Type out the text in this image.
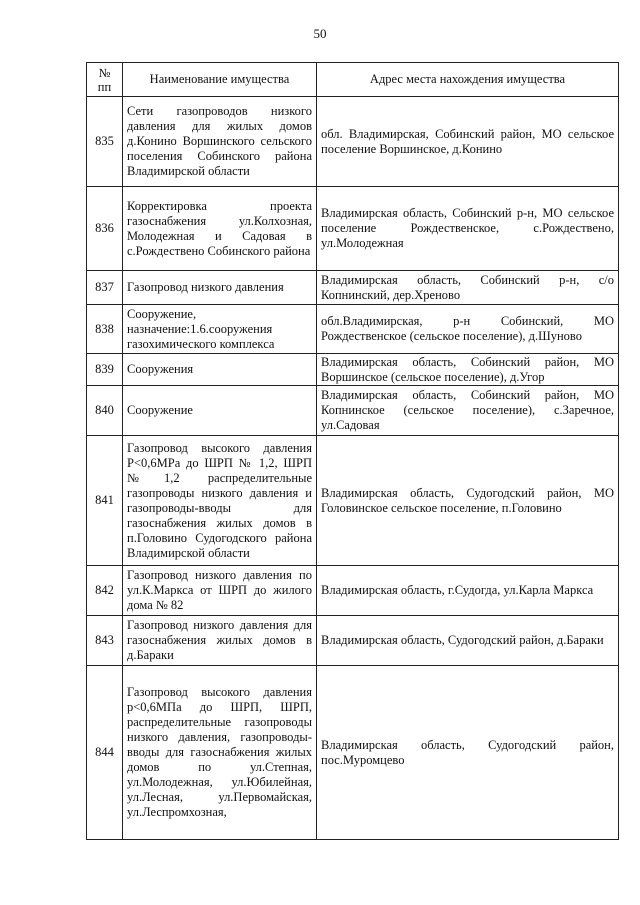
50
№ пп	Наименование имущества	Адрес места нахождения имущества
835	Сети газопроводов низкого давления для жилых домов д.Конино Воршинского сельского поселения Собинского района Владимирской области	обл. Владимирская, Собинский район, МО сельское поселение Воршинское, д.Конино
836	Корректировка проекта газоснабжения ул.Колхозная, Молодежная и Садовая в с.Рождествено Собинского района	Владимирская область, Собинский р-н, МО сельское поселение Рождественское, с.Рождествено, ул.Молодежная
837	Газопровод низкого давления	Владимирская область, Собинский р-н, с/о Копнинский, дер.Хреново
838	Сооружение, назначение:1.6.сооружения газохимического комплекса	обл.Владимирская, р-н Собинский, МО Рождественское (сельское поселение), д.Шуново
839	Сооружения	Владимирская область, Собинский район, МО Воршинское (сельское поселение), д.Угор
840	Сооружение	Владимирская область, Собинский район, МО Копнинское (сельское поселение), с.Заречное, ул.Садовая
841	Газопровод высокого давления Р<0,6МРа до ШРП № 1,2, ШРП №1,2 распределительные газопроводы низкого давления и газопроводы-вводы для газоснабжения жилых домов в п.Головино Судогодского района Владимирской области	Владимирская область, Судогодский район, МО Головинское сельское поселение, п.Головино
842	Газопровод низкого давления по ул.К.Маркса от ШРП до жилого дома № 82	Владимирская область, г.Судогда, ул.Карла Маркса
843	Газопровод низкого давления для газоснабжения жилых домов в д.Бараки	Владимирская область, Судогодский район, д.Бараки
844	Газопровод высокого давления р<0,6МПа до ШРП, ШРП, распределительные газопроводы низкого давления, газопроводы-вводы для газоснабжения жилых домов по ул.Степная, ул.Молодежная, ул.Юбилейная, ул.Лесная, ул.Первомайская, ул.Леспромхозная,	Владимирская область, Судогодский район, пос.Муромцево
